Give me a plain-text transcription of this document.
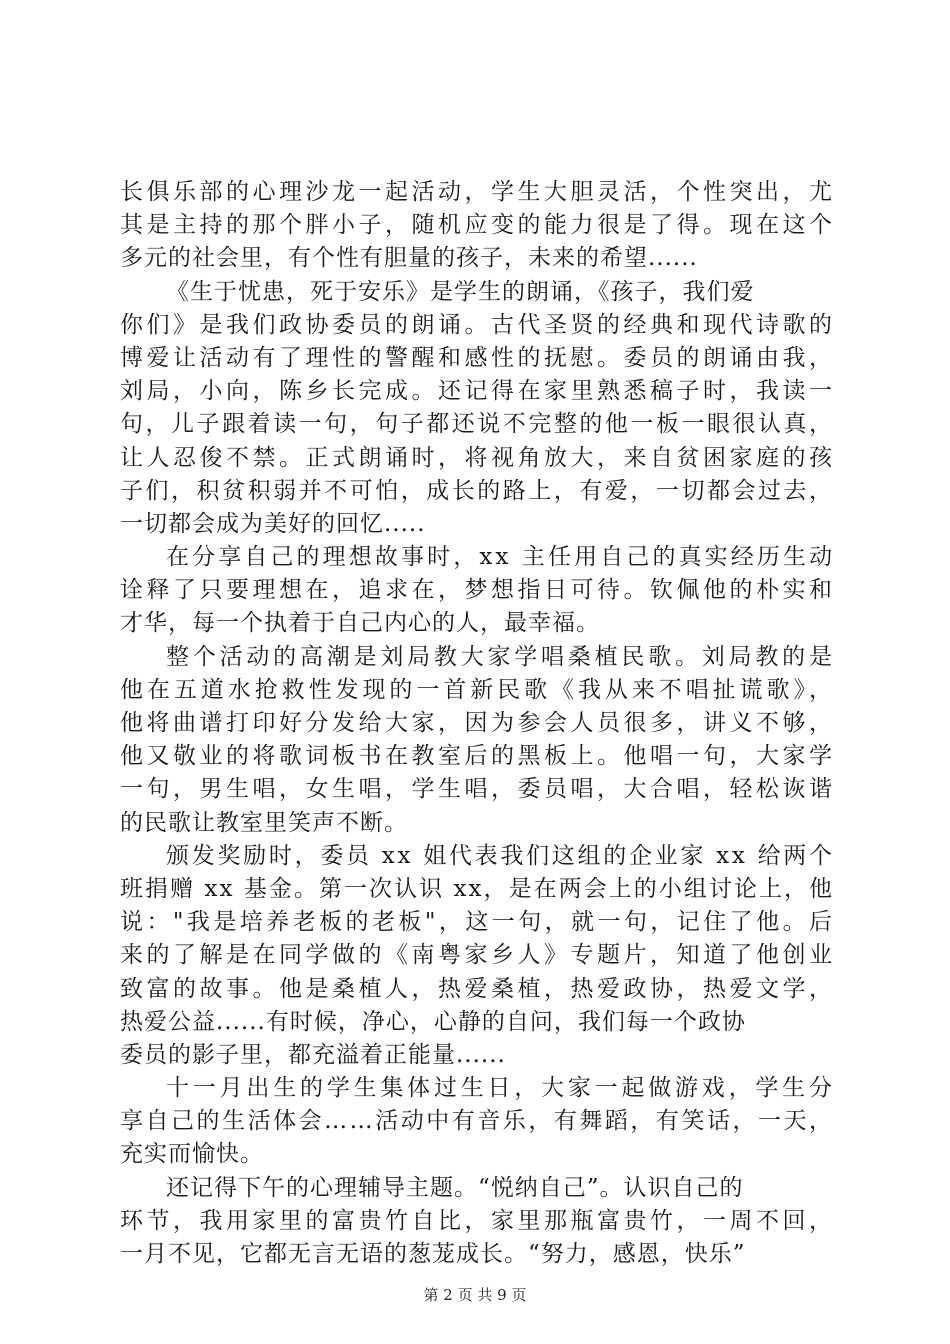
长俱乐部的心理沙龙一起活动，学生大胆灵活，个性突出，尤
其是主持的那个胖小子，随机应变的能力很是了得。现在这个
多元的社会里，有个性有胆量的孩子，未来的希望......
《生于忧患，死于安乐》是学生的朗诵，《孩子，我们爱
你们》是我们政协委员的朗诵。古代圣贤的经典和现代诗歌的
博爱让活动有了理性的警醒和感性的抚慰。委员的朗诵由我，
刘局，小向，陈乡长完成。还记得在家里熟悉稿子时，我读一
句，儿子跟着读一句，句子都还说不完整的他一板一眼很认真，
让人忍俊不禁。正式朗诵时，将视角放大，来自贫困家庭的孩
子们，积贫积弱并不可怕，成长的路上，有爱，一切都会过去，
一切都会成为美好的回忆.....
在分享自己的理想故事时，xx 主任用自己的真实经历生动
诠释了只要理想在，追求在，梦想指日可待。钦佩他的朴实和
才华，每一个执着于自己内心的人，最幸福。
整个活动的高潮是刘局教大家学唱桑植民歌。刘局教的是
他在五道水抢救性发现的一首新民歌《我从来不唱扯谎歌》，
他将曲谱打印好分发给大家，因为参会人员很多，讲义不够，
他又敬业的将歌词板书在教室后的黑板上。他唱一句，大家学
一句，男生唱，女生唱，学生唱，委员唱，大合唱，轻松诙谐
的民歌让教室里笑声不断。
颁发奖励时，委员 xx 姐代表我们这组的企业家 xx 给两个
班捐赠 xx 基金。第一次认识 xx，是在两会上的小组讨论上，他
说："我是培养老板的老板"，这一句，就一句，记住了他。后
来的了解是在同学做的《南粤家乡人》专题片，知道了他创业
致富的故事。他是桑植人，热爱桑植，热爱政协，热爱文学，
热爱公益......有时候，净心，心静的自问，我们每一个政协
委员的影子里，都充溢着正能量......
十一月出生的学生集体过生日，大家一起做游戏，学生分
享自己的生活体会……活动中有音乐，有舞蹈，有笑话，一天，
充实而愉快。
还记得下午的心理辅导主题。“悦纳自己”。认识自己的
环节，我用家里的富贵竹自比，家里那瓶富贵竹，一周不回，
一月不见，它都无言无语的葱茏成长。“努力，感恩，快乐”
第 2 页 共 9 页
